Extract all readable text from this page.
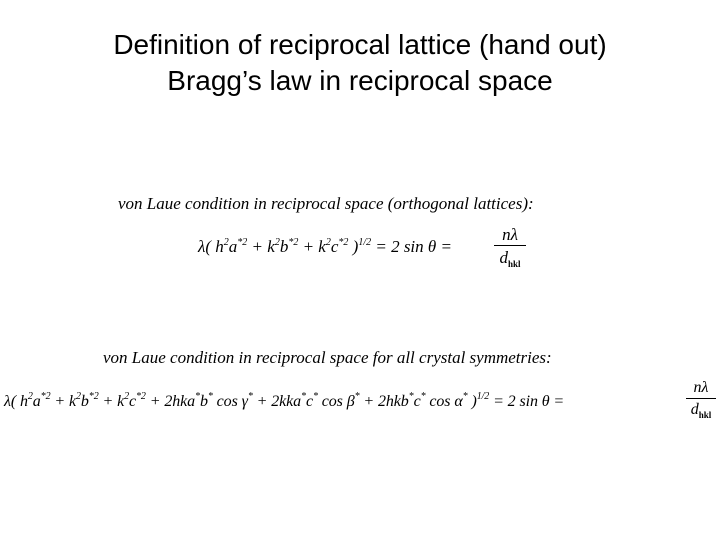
Definition of reciprocal lattice (hand out)
Bragg’s law in reciprocal space
von Laue condition in reciprocal space (orthogonal lattices):
λ( $h^2a^{*2} + k^2b^{*2} + k^2c^{*2}$ )$^{1/2}$ = 2 sin θ =
nλ
$d_{hkl}$
von Laue condition in reciprocal space for all crystal symmetries:
λ( $h^2a^{*2} + k^2b^{*2} + k^2c^{*2} + 2hka^*b^*$ cos γ* + 2kka*c* cos β* + 2hkb*c* cos α* )$^{1/2}$ = 2 sin θ =
nλ
$d_{hkl}$
